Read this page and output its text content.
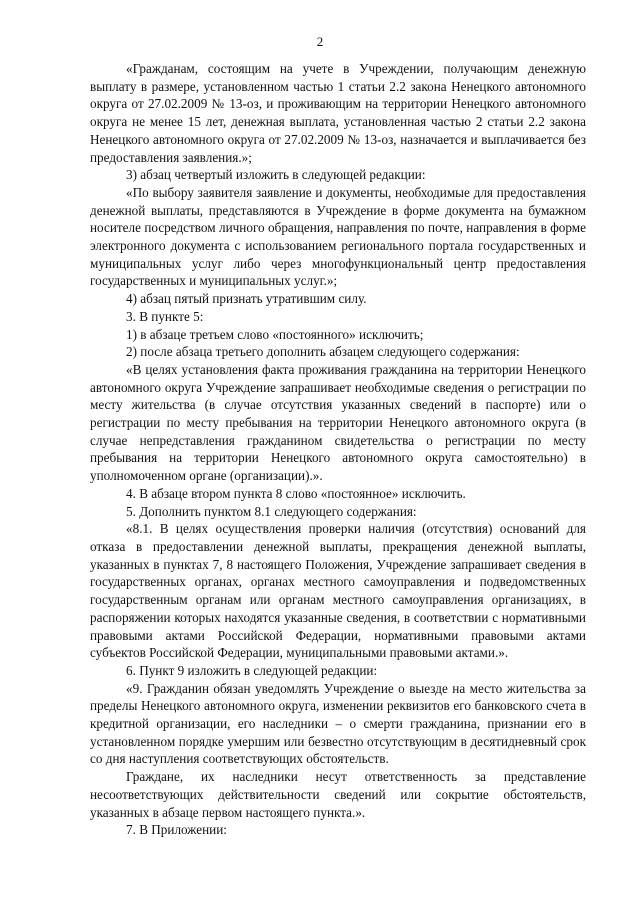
2

«Гражданам, состоящим на учете в Учреждении, получающим денежную выплату в размере, установленном частью 1 статьи 2.2 закона Ненецкого автономного округа от 27.02.2009 № 13-оз, и проживающим на территории Ненецкого автономного округа не менее 15 лет, денежная выплата, установленная частью 2 статьи 2.2 закона Ненецкого автономного округа от 27.02.2009 № 13-оз, назначается и выплачивается без предоставления заявления.»;

3) абзац четвертый изложить в следующей редакции:

«По выбору заявителя заявление и документы, необходимые для предоставления денежной выплаты, представляются в Учреждение в форме документа на бумажном носителе посредством личного обращения, направления по почте, направления в форме электронного документа с использованием регионального портала государственных и муниципальных услуг либо через многофункциональный центр предоставления государственных и муниципальных услуг.»;

4) абзац пятый признать утратившим силу.

3. В пункте 5:

1) в абзаце третьем слово «постоянного» исключить;

2) после абзаца третьего дополнить абзацем следующего содержания:

«В целях установления факта проживания гражданина на территории Ненецкого автономного округа Учреждение запрашивает необходимые сведения о регистрации по месту жительства (в случае отсутствия указанных сведений в паспорте) или о регистрации по месту пребывания на территории Ненецкого автономного округа (в случае непредставления гражданином свидетельства о регистрации по месту пребывания на территории Ненецкого автономного округа самостоятельно) в уполномоченном органе (организации).».

4. В абзаце втором пункта 8 слово «постоянное» исключить.

5. Дополнить пунктом 8.1 следующего содержания:

«8.1. В целях осуществления проверки наличия (отсутствия) оснований для отказа в предоставлении денежной выплаты, прекращения денежной выплаты, указанных в пунктах 7, 8 настоящего Положения, Учреждение запрашивает сведения в государственных органах, органах местного самоуправления и подведомственных государственным органам или органам местного самоуправления организациях, в распоряжении которых находятся указанные сведения, в соответствии с нормативными правовыми актами Российской Федерации, нормативными правовыми актами субъектов Российской Федерации, муниципальными правовыми актами.».

6. Пункт 9 изложить в следующей редакции:

«9. Гражданин обязан уведомлять Учреждение о выезде на место жительства за пределы Ненецкого автономного округа, изменении реквизитов его банковского счета в кредитной организации, его наследники – о смерти гражданина, признании его в установленном порядке умершим или безвестно отсутствующим в десятидневный срок со дня наступления соответствующих обстоятельств.

Граждане, их наследники несут ответственность за представление несоответствующих действительности сведений или сокрытие обстоятельств, указанных в абзаце первом настоящего пункта.».

7. В Приложении:
